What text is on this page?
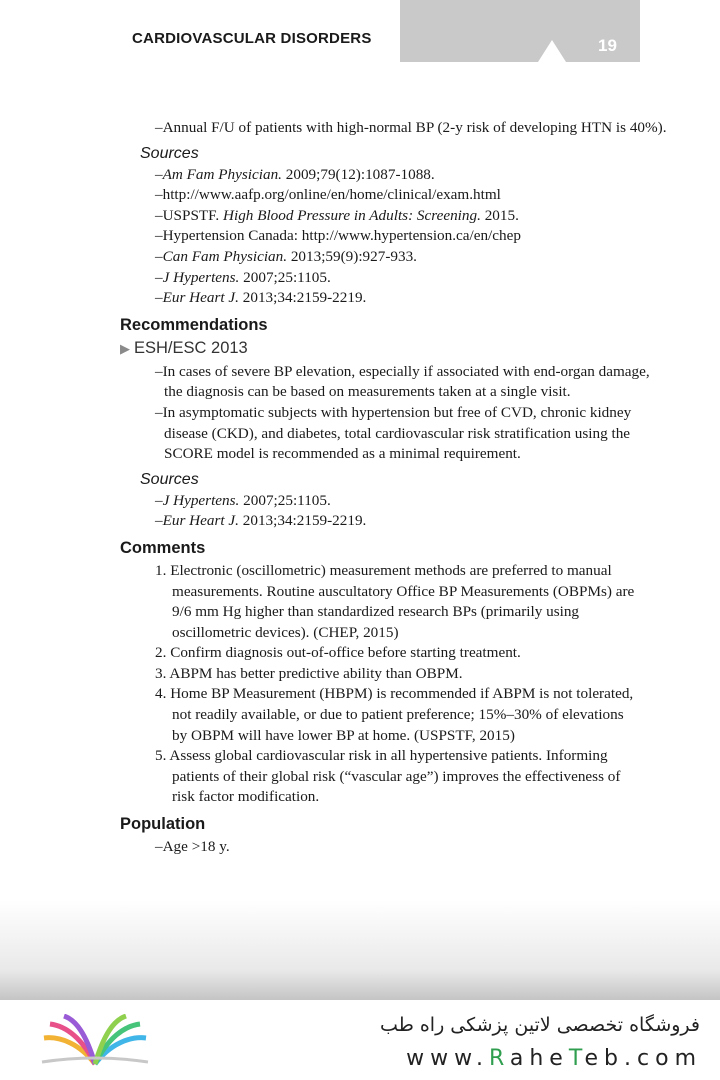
19
CARDIOVASCULAR DISORDERS

–Annual F/U of patients with high-normal BP (2-y risk of developing HTN is 40%).

Sources

–Am Fam Physician. 2009;79(12):1087-1088.

–http://www.aafp.org/online/en/home/clinical/exam.html

–USPSTF. High Blood Pressure in Adults: Screening. 2015.

–Hypertension Canada: http://www.hypertension.ca/en/chep

–Can Fam Physician. 2013;59(9):927-933.

–J Hypertens. 2007;25:1105.

–Eur Heart J. 2013;34:2159-2219.

Recommendations
▶ ESH/ESC 2013

–In cases of severe BP elevation, especially if associated with end-organ damage, the diagnosis can be based on measurements taken at a single visit.

–In asymptomatic subjects with hypertension but free of CVD, chronic kidney disease (CKD), and diabetes, total cardiovascular risk stratification using the SCORE model is recommended as a minimal requirement.

Sources

–J Hypertens. 2007;25:1105.

–Eur Heart J. 2013;34:2159-2219.

Comments

1. Electronic (oscillometric) measurement methods are preferred to manual measurements. Routine auscultatory Office BP Measurements (OBPMs) are 9/6 mm Hg higher than standardized research BPs (primarily using oscillometric devices). (CHEP, 2015)

2. Confirm diagnosis out-of-office before starting treatment.

3. ABPM has better predictive ability than OBPM.

4. Home BP Measurement (HBPM) is recommended if ABPM is not tolerated, not readily available, or due to patient preference; 15%–30% of elevations by OBPM will have lower BP at home. (USPSTF, 2015)

5. Assess global cardiovascular risk in all hypertensive patients. Informing patients of their global risk (“vascular age”) improves the effectiveness of risk factor modification.

Population

–Age >18 y.

فروشگاه تخصصی لاتین پزشکی راه طب
www.RaheTeb.com
